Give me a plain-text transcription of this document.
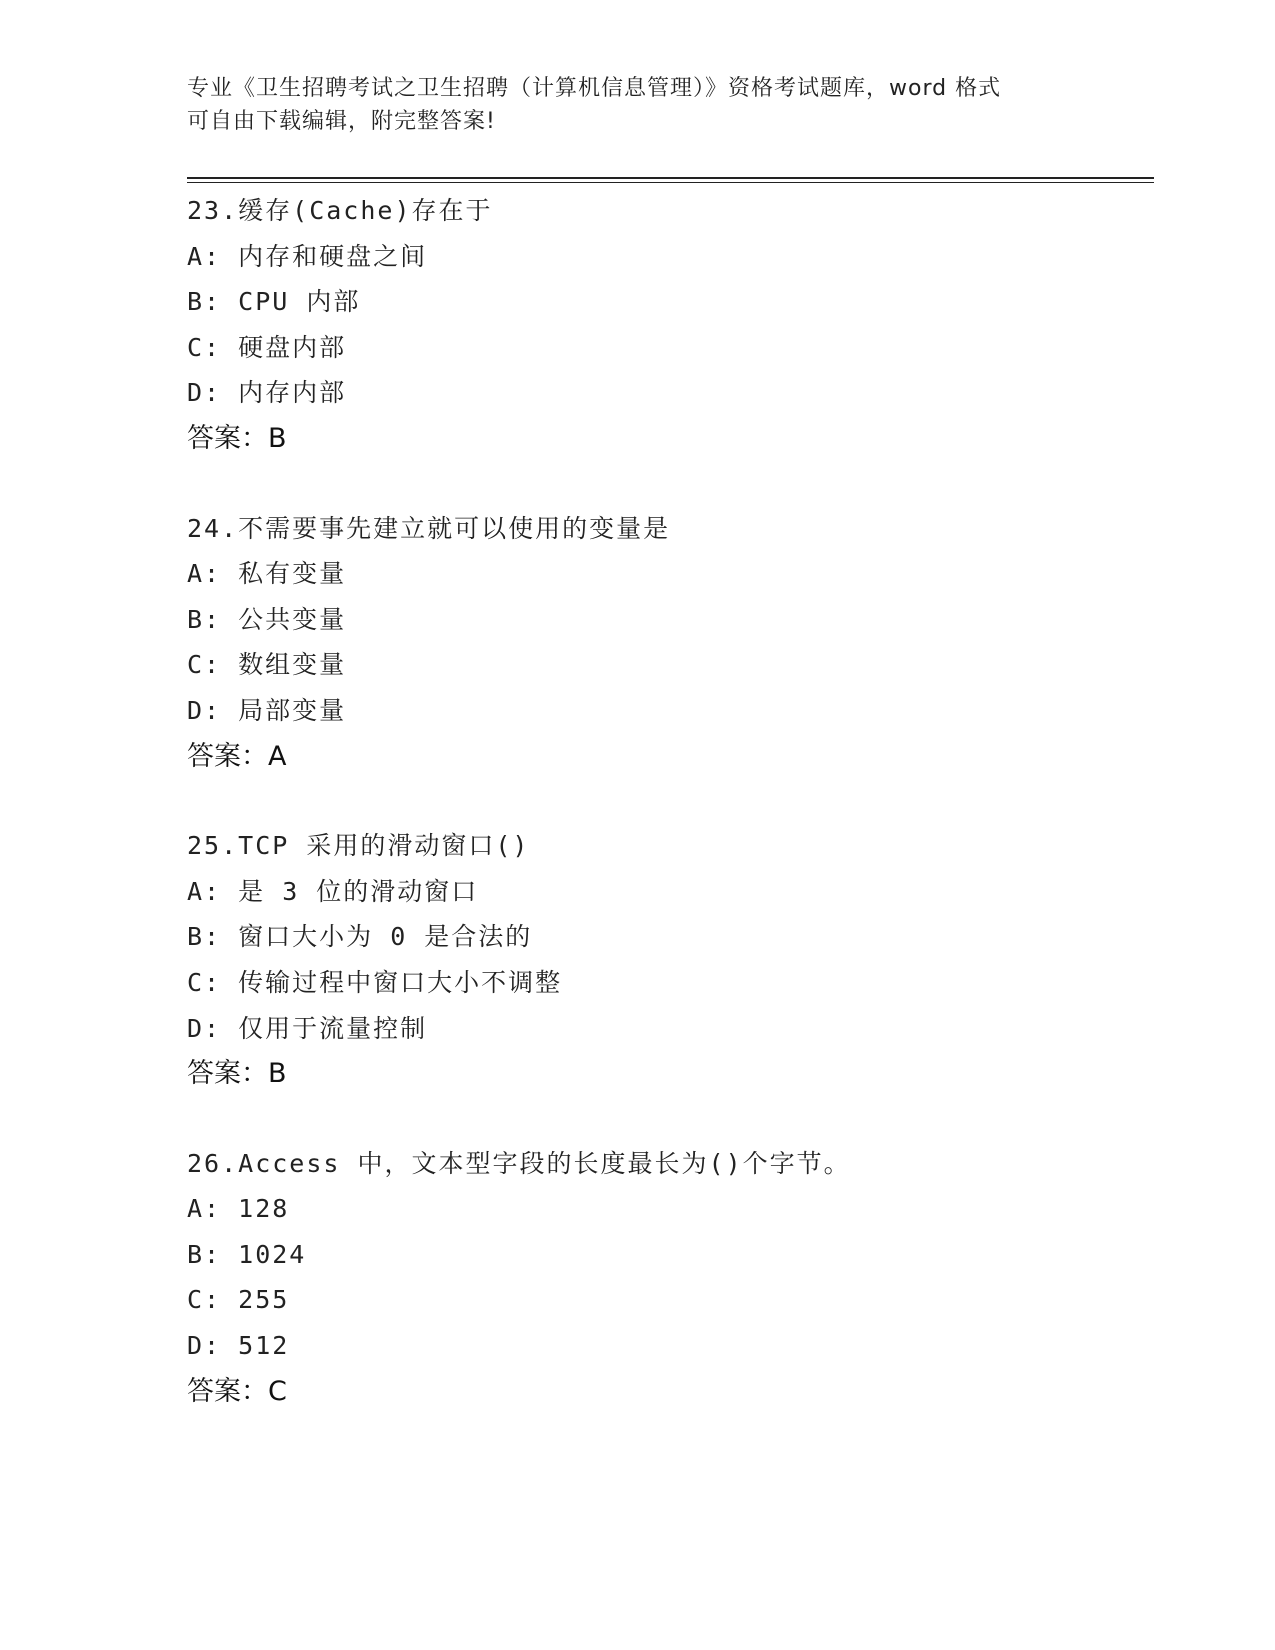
专业《卫生招聘考试之卫生招聘（计算机信息管理）》资格考试题库，word 格式
可自由下载编辑，附完整答案!
23.缓存(Cache)存在于
A: 内存和硬盘之间
B: CPU 内部
C: 硬盘内部
D: 内存内部
答案：B
24.不需要事先建立就可以使用的变量是
A: 私有变量
B: 公共变量
C: 数组变量
D: 局部变量
答案：A
25.TCP 采用的滑动窗口()
A: 是 3 位的滑动窗口
B: 窗口大小为 0 是合法的
C: 传输过程中窗口大小不调整
D: 仅用于流量控制
答案：B
26.Access 中，文本型字段的长度最长为()个字节。
A: 128
B: 1024
C: 255
D: 512
答案：C
